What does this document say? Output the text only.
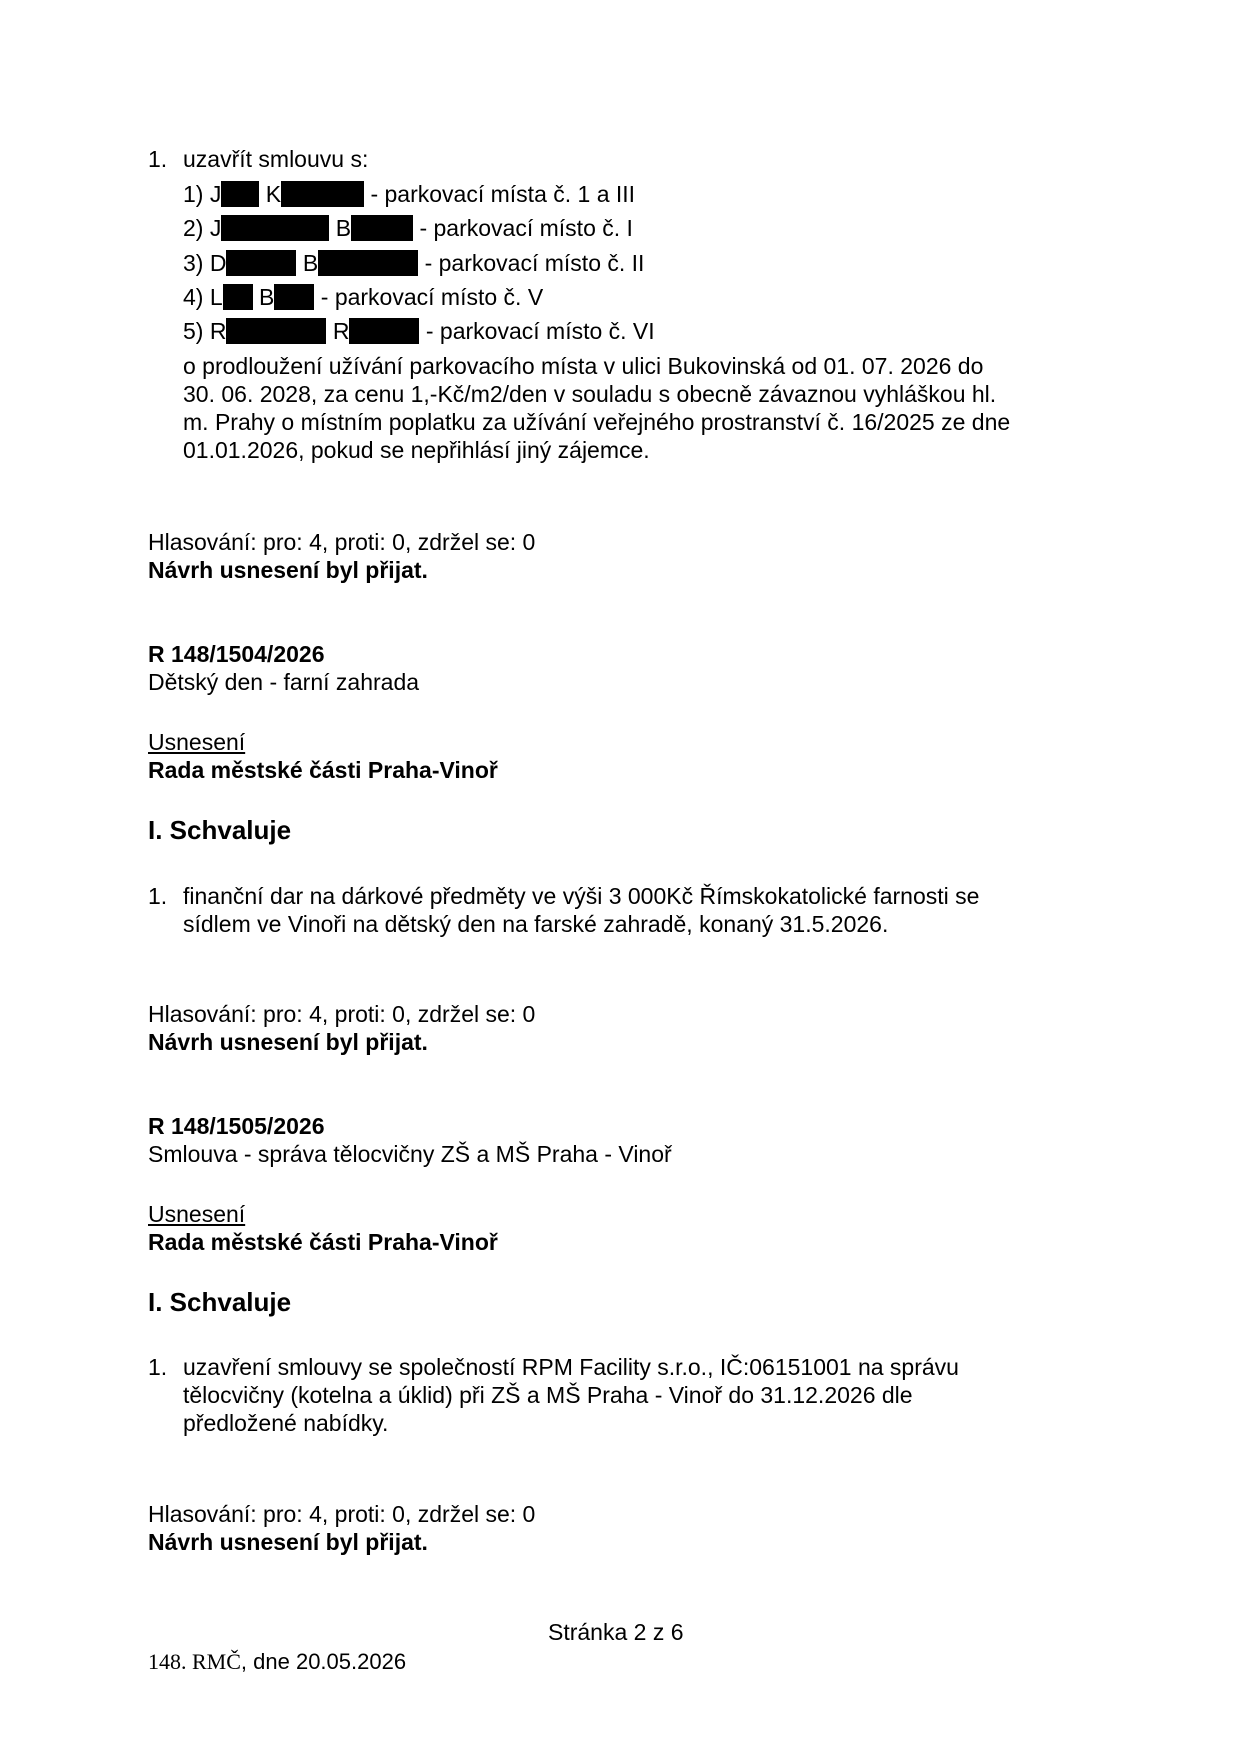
1. uzavřít smlouvu s:
1) J K	- parkovací místa č. 1 a III
2) J	B	- parkovací místo č. I
3) D	B	- parkovací místo č. II
4) L B - parkovací místo č. V
5) R	R	- parkovací místo č. VI
o prodloužení užívání parkovacího místa v ulici Bukovinská od 01. 07. 2026 do
30. 06. 2028, za cenu 1,-Kč/m2/den v souladu s obecně závaznou vyhláškou hl.
m. Prahy o místním poplatku za užívání veřejného prostranství č. 16/2025 ze dne
01.01.2026, pokud se nepřihlásí jiný zájemce.
Hlasování: pro: 4, proti: 0, zdržel se: 0
Návrh usnesení byl přijat.
R 148/1504/2026
Dětský den - farní zahrada
Usnesení
Rada městské části Praha-Vinoř
I. Schvaluje
1. finanční dar na dárkové předměty ve výši 3 000Kč Římskokatolické farnosti se
sídlem ve Vinoři na dětský den na farské zahradě, konaný 31.5.2026.
Hlasování: pro: 4, proti: 0, zdržel se: 0
Návrh usnesení byl přijat.
R 148/1505/2026
Smlouva - správa tělocvičny ZŠ a MŠ Praha - Vinoř
Usnesení
Rada městské části Praha-Vinoř
I. Schvaluje
1. uzavření smlouvy se společností RPM Facility s.r.o., IČ:06151001 na správu
tělocvičny (kotelna a úklid) při ZŠ a MŠ Praha - Vinoř do 31.12.2026 dle
předložené nabídky.
Hlasování: pro: 4, proti: 0, zdržel se: 0
Návrh usnesení byl přijat.
Stránka 2 z 6
148. RMČ, dne 20.05.2026
